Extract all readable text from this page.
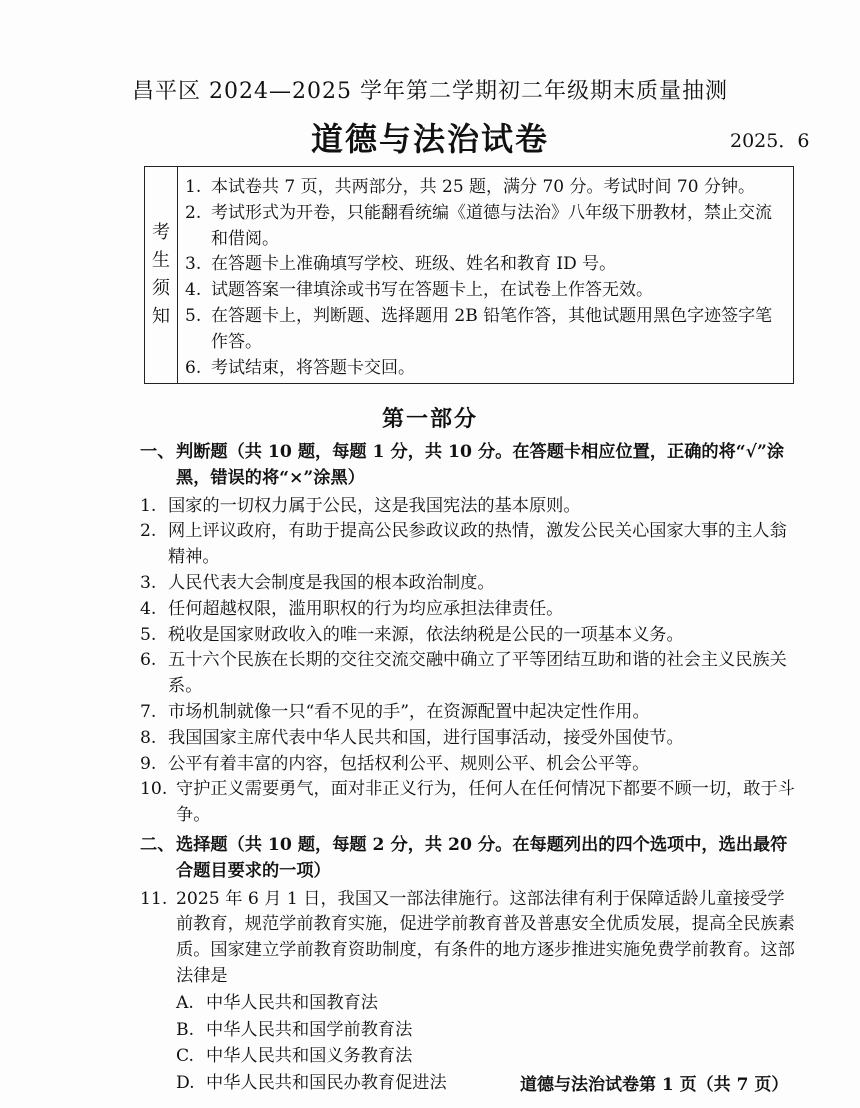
昌平区 2024—2025 学年第二学期初二年级期末质量抽测
道德与法治试卷	2025．6
考
生
须
知
1. 本试卷共 7 页，共两部分，共 25 题，满分 70 分。考试时间 70 分钟。
2. 考试形式为开卷，只能翻看统编《道德与法治》八年级下册教材，禁止交流和借阅。
3. 在答题卡上准确填写学校、班级、姓名和教育 ID 号。
4. 试题答案一律填涂或书写在答题卡上，在试卷上作答无效。
5. 在答题卡上，判断题、选择题用 2B 铅笔作答，其他试题用黑色字迹签字笔作答。
6. 考试结束，将答题卡交回。
第一部分
一、 判断题（共 10 题，每题 1 分，共 10 分。在答题卡相应位置，正确的将“√”涂黑，错误的将“×”涂黑）
1. 国家的一切权力属于公民，这是我国宪法的基本原则。
2. 网上评议政府，有助于提高公民参政议政的热情，激发公民关心国家大事的主人翁精神。
3. 人民代表大会制度是我国的根本政治制度。
4. 任何超越权限，滥用职权的行为均应承担法律责任。
5. 税收是国家财政收入的唯一来源，依法纳税是公民的一项基本义务。
6. 五十六个民族在长期的交往交流交融中确立了平等团结互助和谐的社会主义民族关系。
7. 市场机制就像一只“看不见的手”，在资源配置中起决定性作用。
8. 我国国家主席代表中华人民共和国，进行国事活动，接受外国使节。
9. 公平有着丰富的内容，包括权利公平、规则公平、机会公平等。
10. 守护正义需要勇气，面对非正义行为，任何人在任何情况下都要不顾一切，敢于斗争。
二、 选择题（共 10 题，每题 2 分，共 20 分。在每题列出的四个选项中，选出最符合题目要求的一项）
11. 2025 年 6 月 1 日，我国又一部法律施行。这部法律有利于保障适龄儿童接受学前教育，规范学前教育实施，促进学前教育普及普惠安全优质发展，提高全民族素质。国家建立学前教育资助制度，有条件的地方逐步推进实施免费学前教育。这部法律是
A. 中华人民共和国教育法
B. 中华人民共和国学前教育法
C. 中华人民共和国义务教育法
D. 中华人民共和国民办教育促进法	道德与法治试卷第 1 页（共 7 页）
